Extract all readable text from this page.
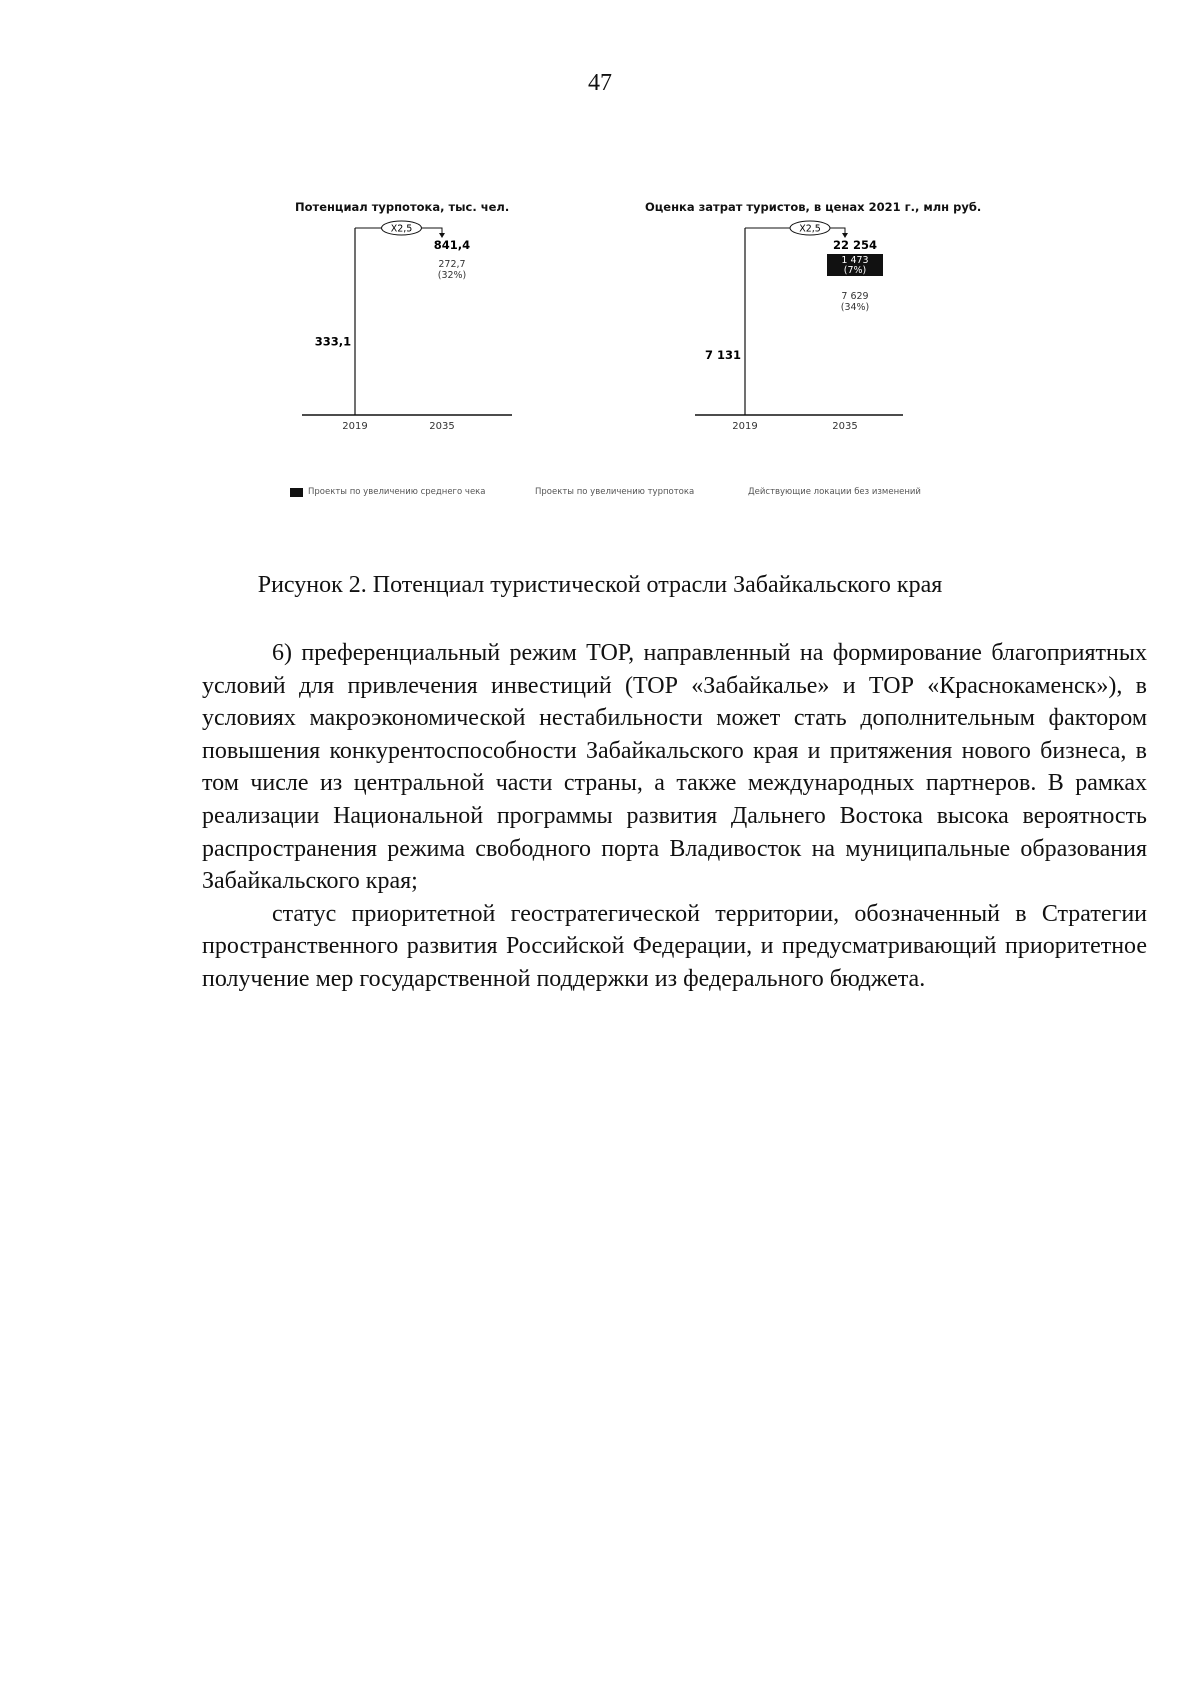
47
Потенциал турпотока, тыс. чел.
2019	2035
333,1
X2,5
841,4
272,7
(32%)
Оценка затрат туристов, в ценах 2021 г., млн руб.
2019	2035
7 131
X2,5
22 254
1 473
(7%)
7 629
(34%)
Проекты по увеличению среднего чека	Проекты по увеличению турпотока	Действующие локации без изменений
Рисунок 2. Потенциал туристической отрасли Забайкальского края

6) преференциальный режим ТОР, направленный на формирование благоприятных условий для привлечения инвестиций (ТОР «Забайкалье» и ТОР «Краснокаменск»), в условиях макроэкономической нестабильности может стать дополнительным фактором повышения конкурентоспособности Забайкальского края и притяжения нового бизнеса, в том числе из центральной части страны, а также международных партнеров. В рамках реализации Национальной программы развития Дальнего Востока высока вероятность распространения режима свободного порта Владивосток на муниципальные образования Забайкальского края;

статус приоритетной геостратегической территории, обозначенный в Стратегии пространственного развития Российской Федерации, и предусматривающий приоритетное получение мер государственной поддержки из федерального бюджета.
